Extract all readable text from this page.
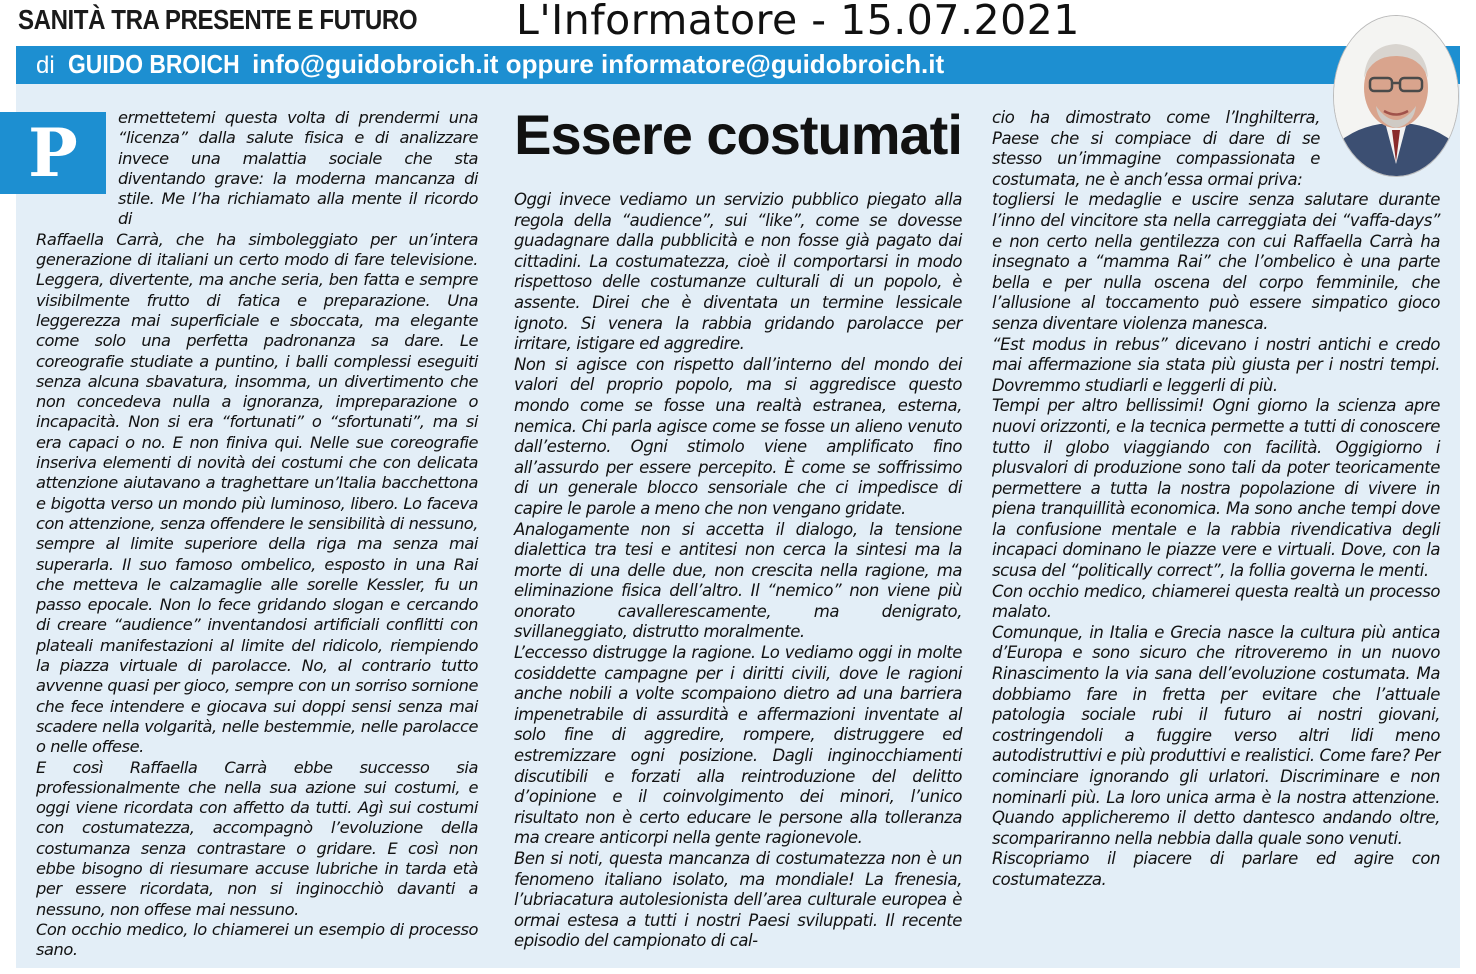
SANITÀ TRA PRESENTE E FUTURO L'Informatore - 15.07.2021
di GUIDO BROICH info@guidobroich.it oppure informatore@guidobroich.it
P	Essere costumati

ermettetemi questa volta di prendermi una “licenza” dalla salute fisica e di analizzare invece una malattia sociale che sta diventando grave: la moderna mancanza di stile. Me l’ha richiamato alla mente il ricordo di

Raffaella Carrà, che ha simboleggiato per un’intera generazione di italiani un certo modo di fare televisione. Leggera, divertente, ma anche seria, ben fatta e sempre visibilmente frutto di fatica e preparazione. Una leggerezza mai superficiale e sboccata, ma elegante come solo una perfetta padronanza sa dare. Le coreografie studiate a puntino, i balli complessi eseguiti senza alcuna sbavatura, insomma, un divertimento che non concedeva nulla a ignoranza, impreparazione o incapacità. Non si era “fortunati” o “sfortunati”, ma si era capaci o no. E non finiva qui. Nelle sue coreografie inseriva elementi di novità dei costumi che con delicata attenzione aiutavano a traghettare un’Italia bacchettona e bigotta verso un mondo più luminoso, libero. Lo faceva con attenzione, senza offendere le sensibilità di nessuno, sempre al limite superiore della riga ma senza mai superarla. Il suo famoso ombelico, esposto in una Rai che metteva le calzamaglie alle sorelle Kessler, fu un passo epocale. Non lo fece gridando slogan e cercando di creare “audience” inventandosi artificiali conflitti con plateali manifestazioni al limite del ridicolo, riempiendo la piazza virtuale di parolacce. No, al contrario tutto avvenne quasi per gioco, sempre con un sorriso sornione che fece intendere e giocava sui doppi sensi senza mai scadere nella volgarità, nelle bestemmie, nelle parolacce o nelle offese.

E così Raffaella Carrà ebbe successo sia professionalmente che nella sua azione sui costumi, e oggi viene ricordata con affetto da tutti. Agì sui costumi con costumatezza, accompagnò l’evoluzione della costumanza senza contrastare o gridare. E così non ebbe bisogno di riesumare accuse lubriche in tarda età per essere ricordata, non si inginocchiò davanti a nessuno, non offese mai nessuno.

Con occhio medico, lo chiamerei un esempio di processo sano.

Oggi invece vediamo un servizio pubblico piegato alla regola della “audience”, sui “like”, come se dovesse guadagnare dalla pubblicità e non fosse già pagato dai cittadini. La costumatezza, cioè il comportarsi in modo rispettoso delle costumanze culturali di un popolo, è assente. Direi che è diventata un termine lessicale ignoto. Si venera la rabbia gridando parolacce per irritare, istigare ed aggredire.

Non si agisce con rispetto dall’interno del mondo dei valori del proprio popolo, ma si aggredisce questo mondo come se fosse una realtà estranea, esterna, nemica. Chi parla agisce come se fosse un alieno venuto dall’esterno. Ogni stimolo viene amplificato fino all’assurdo per essere percepito. È come se soffrissimo di un generale blocco sensoriale che ci impedisce di capire le parole a meno che non vengano gridate.

Analogamente non si accetta il dialogo, la tensione dialettica tra tesi e antitesi non cerca la sintesi ma la morte di una delle due, non crescita nella ragione, ma eliminazione fisica dell’altro. Il “nemico” non viene più onorato cavallerescamente, ma denigrato, svillaneggiato, distrutto moralmente.

L’eccesso distrugge la ragione. Lo vediamo oggi in molte cosiddette campagne per i diritti civili, dove le ragioni anche nobili a volte scompaiono dietro ad una barriera impenetrabile di assurdità e affermazioni inventate al solo fine di aggredire, rompere, distruggere ed estremizzare ogni posizione. Dagli inginocchiamenti discutibili e forzati alla reintroduzione del delitto d’opinione e il coinvolgimento dei minori, l’unico risultato non è certo educare le persone alla tolleranza ma creare anticorpi nella gente ragionevole.

Ben si noti, questa mancanza di costumatezza non è un fenomeno italiano isolato, ma mondiale! La frenesia, l’ubriacatura autolesionista dell’area culturale europea è ormai estesa a tutti i nostri Paesi sviluppati. Il recente episodio del campionato di cal-

cio ha dimostrato come l’Inghilterra, Paese che si compiace di dare di se stesso un’immagine compassionata e costumata, ne è anch’essa ormai priva:

togliersi le medaglie e uscire senza salutare durante l’inno del vincitore sta nella carreggiata dei “vaffa-days” e non certo nella gentilezza con cui Raffaella Carrà ha insegnato a “mamma Rai” che l’ombelico è una parte bella e per nulla oscena del corpo femminile, che l’allusione al toccamento può essere simpatico gioco senza diventare violenza manesca.

“Est modus in rebus” dicevano i nostri antichi e credo mai affermazione sia stata più giusta per i nostri tempi. Dovremmo studiarli e leggerli di più.

Tempi per altro bellissimi! Ogni giorno la scienza apre nuovi orizzonti, e la tecnica permette a tutti di conoscere tutto il globo viaggiando con facilità. Oggigiorno i plusvalori di produzione sono tali da poter teoricamente permettere a tutta la nostra popolazione di vivere in piena tranquillità economica. Ma sono anche tempi dove la confusione mentale e la rabbia rivendicativa degli incapaci dominano le piazze vere e virtuali. Dove, con la scusa del “politically correct”, la follia governa le menti.

Con occhio medico, chiamerei questa realtà un processo malato.

Comunque, in Italia e Grecia nasce la cultura più antica d’Europa e sono sicuro che ritroveremo in un nuovo Rinascimento la via sana dell’evoluzione costumata. Ma dobbiamo fare in fretta per evitare che l’attuale patologia sociale rubi il futuro ai nostri giovani, costringendoli a fuggire verso altri lidi meno autodistruttivi e più produttivi e realistici. Come fare? Per cominciare ignorando gli urlatori. Discriminare e non nominarli più. La loro unica arma è la nostra attenzione. Quando applicheremo il detto dantesco andando oltre, scompariranno nella nebbia dalla quale sono venuti.

Riscopriamo il piacere di parlare ed agire con costumatezza.
